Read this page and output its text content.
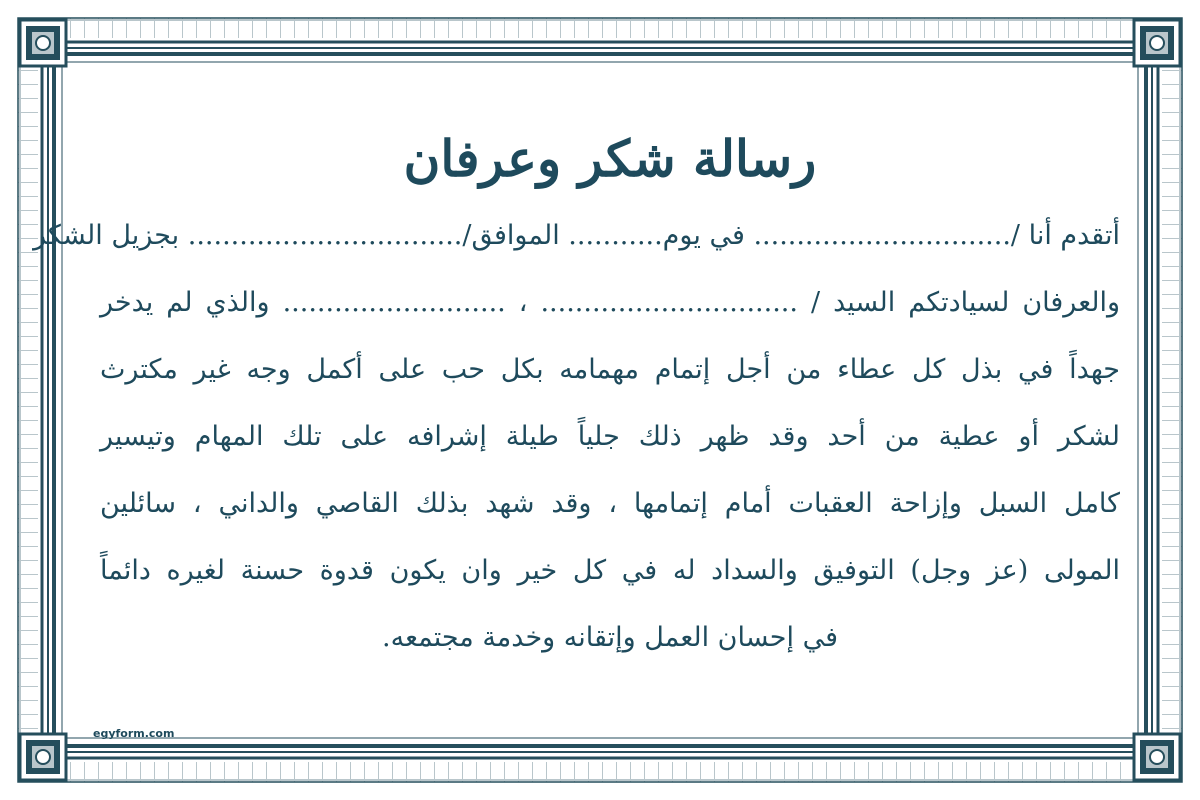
رسالة شكر وعرفان
أتقدم أنا /.............................. في يوم........... الموافق/................................ بجزيل الشكر
والعرفان لسيادتكم السيد / .............................. ، .......................... والذي لم يدخر
جهداً في بذل كل عطاء من أجل إتمام مهمامه بكل حب على أكمل وجه غير مكترث
لشكر أو عطية من أحد وقد ظهر ذلك جلياً طيلة إشرافه على تلك المهام وتيسير
كامل السبل وإزاحة العقبات أمام إتمامها ، وقد شهد بذلك القاصي والداني ، سائلين
المولى (عز وجل) التوفيق والسداد له في كل خير وان يكون قدوة حسنة لغيره دائماً
في إحسان العمل وإتقانه وخدمة مجتمعه.
egyform.com
